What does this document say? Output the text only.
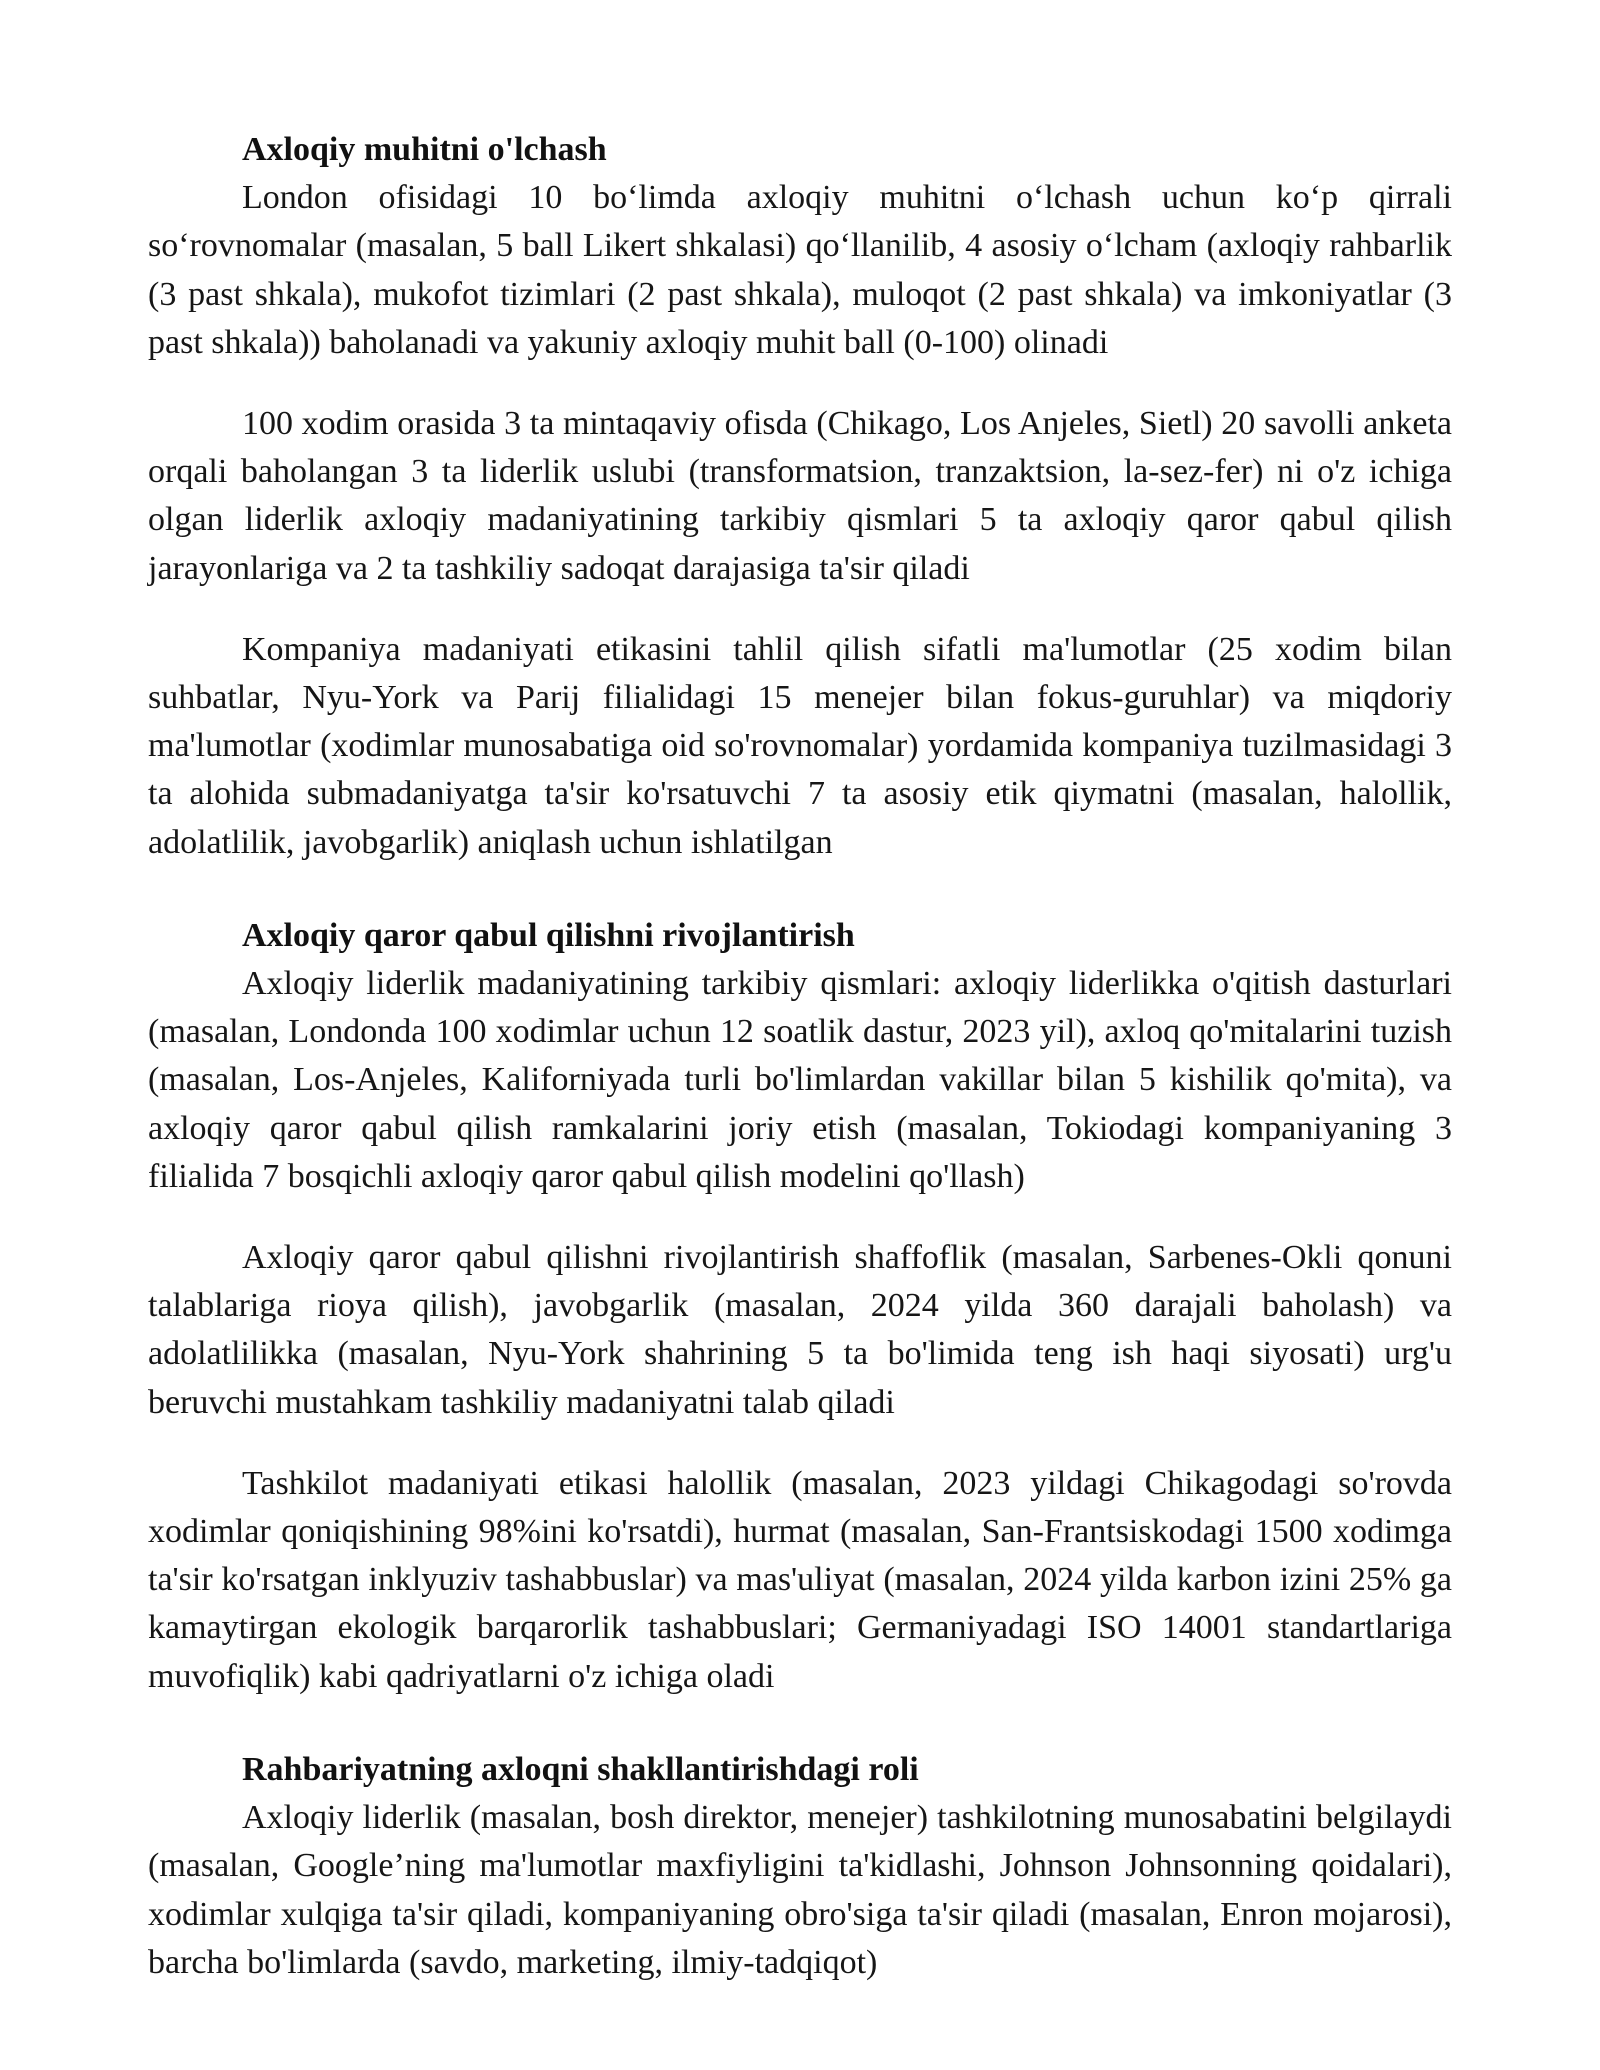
Axloqiy muhitni o'lchash

London ofisidagi 10 bo‘limda axloqiy muhitni o‘lchash uchun ko‘p qirrali so‘rovnomalar (masalan, 5 ball Likert shkalasi) qo‘llanilib, 4 asosiy o‘lcham (axloqiy rahbarlik (3 past shkala), mukofot tizimlari (2 past shkala), muloqot (2 past shkala) va imkoniyatlar (3 past shkala)) baholanadi va yakuniy axloqiy muhit ball (0-100) olinadi

100 xodim orasida 3 ta mintaqaviy ofisda (Chikago, Los Anjeles, Sietl) 20 savolli anketa orqali baholangan 3 ta liderlik uslubi (transformatsion, tranzaktsion, la-sez-fer) ni o'z ichiga olgan liderlik axloqiy madaniyatining tarkibiy qismlari 5 ta axloqiy qaror qabul qilish jarayonlariga va 2 ta tashkiliy sadoqat darajasiga ta'sir qiladi

Kompaniya madaniyati etikasini tahlil qilish sifatli ma'lumotlar (25 xodim bilan suhbatlar, Nyu-York va Parij filialidagi 15 menejer bilan fokus-guruhlar) va miqdoriy ma'lumotlar (xodimlar munosabatiga oid so'rovnomalar) yordamida kompaniya tuzilmasidagi 3 ta alohida submadaniyatga ta'sir ko'rsatuvchi 7 ta asosiy etik qiymatni (masalan, halollik, adolatlilik, javobgarlik) aniqlash uchun ishlatilgan

Axloqiy qaror qabul qilishni rivojlantirish

Axloqiy liderlik madaniyatining tarkibiy qismlari: axloqiy liderlikka o'qitish dasturlari (masalan, Londonda 100 xodimlar uchun 12 soatlik dastur, 2023 yil), axloq qo'mitalarini tuzish (masalan, Los-Anjeles, Kaliforniyada turli bo'limlardan vakillar bilan 5 kishilik qo'mita), va axloqiy qaror qabul qilish ramkalarini joriy etish (masalan, Tokiodagi kompaniyaning 3 filialida 7 bosqichli axloqiy qaror qabul qilish modelini qo'llash)

Axloqiy qaror qabul qilishni rivojlantirish shaffoflik (masalan, Sarbenes-Okli qonuni talablariga rioya qilish), javobgarlik (masalan, 2024 yilda 360 darajali baholash) va adolatlilikka (masalan, Nyu-York shahrining 5 ta bo'limida teng ish haqi siyosati) urg'u beruvchi mustahkam tashkiliy madaniyatni talab qiladi

Tashkilot madaniyati etikasi halollik (masalan, 2023 yildagi Chikagodagi so'rovda xodimlar qoniqishining 98%ini ko'rsatdi), hurmat (masalan, San-Frantsiskodagi 1500 xodimga ta'sir ko'rsatgan inklyuziv tashabbuslar) va mas'uliyat (masalan, 2024 yilda karbon izini 25% ga kamaytirgan ekologik barqarorlik tashabbuslari; Germaniyadagi ISO 14001 standartlariga muvofiqlik) kabi qadriyatlarni o'z ichiga oladi

Rahbariyatning axloqni shakllantirishdagi roli

Axloqiy liderlik (masalan, bosh direktor, menejer) tashkilotning munosabatini belgilaydi (masalan, Google’ning ma'lumotlar maxfiyligini ta'kidlashi, Johnson Johnsonning qoidalari), xodimlar xulqiga ta'sir qiladi, kompaniyaning obro'siga ta'sir qiladi (masalan, Enron mojarosi), barcha bo'limlarda (savdo, marketing, ilmiy-tadqiqot)
